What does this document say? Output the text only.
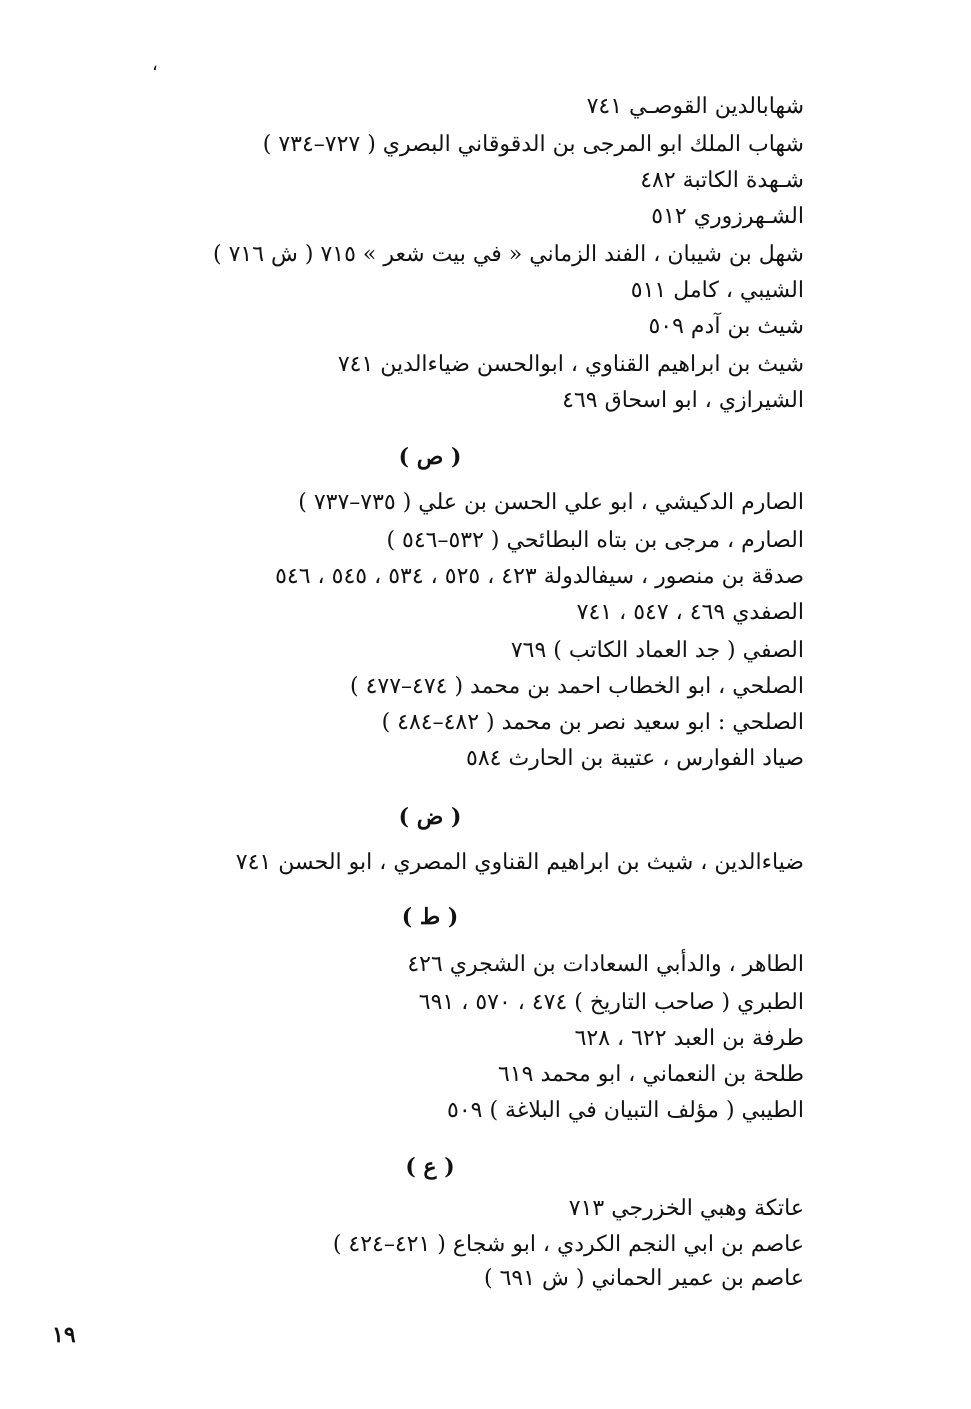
،
شهابالدين القوصـي ٧٤١
شهاب الملك ابو المرجى بن الدقوقاني البصري ( ٧٢٧–٧٣٤ )
شـهدة الكاتبة ٤٨٢
الشـهرزوري ٥١٢
شهل بن شيبان ، الفند الزماني « في بيت شعر » ٧١٥ ( ش ٧١٦ )
الشيبي ، كامل ٥١١
شيث بن آدم ٥٠٩
شيث بن ابراهيم القناوي ، ابوالحسن ضياءالدين ٧٤١
الشيرازي ، ابو اسحاق ٤٦٩
( ص )
الصارم الدكيشي ، ابو علي الحسن بن علي ( ٧٣٥–٧٣٧ )
الصارم ، مرجى بن بتاه البطائحي ( ٥٣٢–٥٤٦ )
صدقة بن منصور ، سيفالدولة ٤٢٣ ، ٥٢٥ ، ٥٣٤ ، ٥٤٥ ، ٥٤٦
الصفدي ٤٦٩ ، ٥٤٧ ، ٧٤١
الصفي ( جد العماد الكاتب ) ٧٦٩
الصلحي ، ابو الخطاب احمد بن محمد ( ٤٧٤–٤٧٧ )
الصلحي : ابو سعيد نصر بن محمد ( ٤٨٢–٤٨٤ )
صياد الفوارس ، عتيبة بن الحارث ٥٨٤
( ض )
ضياءالدين ، شيث بن ابراهيم القناوي المصري ، ابو الحسن ٧٤١
( ط )
الطاهر ، والدأبي السعادات بن الشجري ٤٢٦
الطبري ( صاحب التاريخ ) ٤٧٤ ، ٥٧٠ ، ٦٩١
طرفة بن العبد ٦٢٢ ، ٦٢٨
طلحة بن النعماني ، ابو محمد ٦١٩
الطيبي ( مؤلف التبيان في البلاغة ) ٥٠٩
( ع )
عاتكة وهبي الخزرجي ٧١٣
عاصم بن ابي النجم الكردي ، ابو شجاع ( ٤٢١–٤٢٤ )
عاصم بن عمير الحماني ( ش ٦٩١ )
١٩
